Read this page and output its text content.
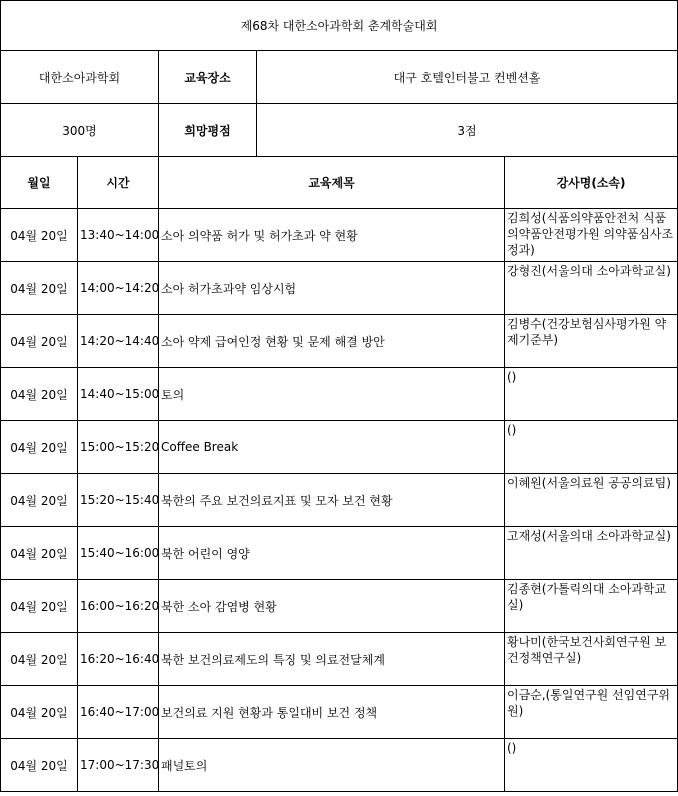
제68차 대한소아과학회 춘계학술대회				
대한소아과학회		교육장소	대구 호텔인터불고 컨벤션홀	
300명		희망평점	3점	
월일	시간	교육제목		강사명(소속)
04월 20일	13:40~14:00	소아 의약품 허가 및 허가초과 약 현황		김희성(식품의약품안전처 식품의약품안전평가원 의약품심사조정과)
04월 20일	14:00~14:20	소아 허가초과약 임상시험		강형진(서울의대 소아과학교실)
04월 20일	14:20~14:40	소아 약제 급여인정 현황 및 문제 해결 방안		김병수(건강보험심사평가원 약제기준부)
04월 20일	14:40~15:00	토의		()
04월 20일	15:00~15:20	Coffee Break		()
04월 20일	15:20~15:40	북한의 주요 보건의료지표 및 모자 보건 현황		이혜원(서울의료원 공공의료팀)
04월 20일	15:40~16:00	북한 어린이 영양		고재성(서울의대 소아과학교실)
04월 20일	16:00~16:20	북한 소아 감염병 현황		김종현(가톨릭의대 소아과학교실)
04월 20일	16:20~16:40	북한 보건의료제도의 특징 및 의료전달체계		황나미(한국보건사회연구원 보건정책연구실)
04월 20일	16:40~17:00	보건의료 지원 현황과 통일대비 보건 정책		이금순,(통일연구원 선임연구위원)
04월 20일	17:00~17:30	패널토의		()
